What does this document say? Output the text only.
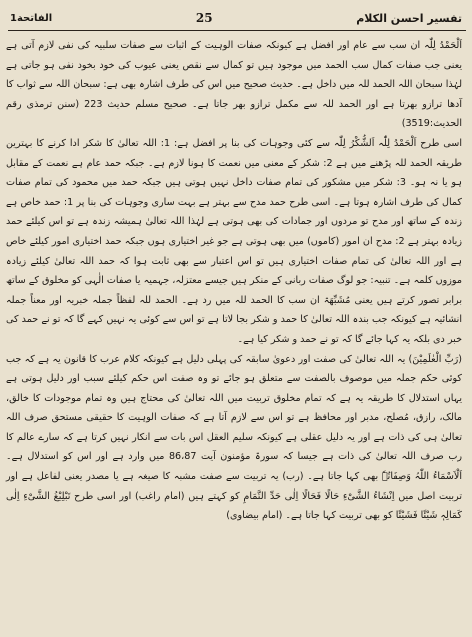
الفاتحة1	25	تفسیر احسن الکلام

اَلْحَمْدُ لِلّٰہ ان سب سے عام اور افضل ہے کیونکہ صفات الوہیت کے اثبات سے صفات سلبیہ کی نفی لازم آتی ہے یعنی جب صفات کمال سب الحمد میں موجود ہیں تو کمال سے نقص یعنی عیوب کی خود بخود نفی ہو جاتی ہے لہٰذا سبحان اللہ الحمد للہ میں داخل ہے۔ حدیث صحیح میں اس کی طرف اشارہ بھی ہے: سبحان اللہ سے ثواب کا آدھا ترازو بھرتا ہے اور الحمد للہ سے مکمل ترازو بھر جاتا ہے۔ صحیح مسلم حدیث 223 (سنن ترمذی رقم الحدیث:3519)

اسی طرح اَلْحَمْدُ لِلّٰہ اَلشُّکْرُ لِلّٰہ سے کئی وجوہات کی بنا پر افضل ہے: 1: اللہ تعالیٰ کا شکر ادا کرنے کا بہترین طریقہ الحمد للہ پڑھنے میں ہے 2: شکر کے معنی میں نعمت کا ہونا لازم ہے۔ جبکہ حمد عام ہے نعمت کے مقابل ہو یا نہ ہو۔ 3: شکر میں مشکور کی تمام صفات داخل نہیں ہوتی ہیں جبکہ حمد میں محمود کی تمام صفات کمال کی طرف اشارہ ہوتا ہے۔ اسی طرح حمد مدح سے بہتر ہے بہت ساری وجوہات کی بنا پر 1: حمد خاص ہے زندہ کے ساتھ اور مدح تو مردوں اور جمادات کی بھی ہوتی ہے لہٰذا اللہ تعالیٰ ہمیشہ زندہ ہے تو اس کیلئے حمد زیادہ بہتر ہے 2: مدح ان امور (کاموں) میں بھی ہوتی ہے جو غیر اختیاری ہوں جبکہ حمد اختیاری امور کیلئے خاص ہے اور اللہ تعالیٰ کی تمام صفات اختیاری ہیں تو اس اعتبار سے بھی ثابت ہوا کہ حمد اللہ تعالیٰ کیلئے زیادہ موزوں کلمہ ہے۔ تنبیہ: جو لوگ صفات ربانی کے منکر ہیں جیسے معتزلہ، جہمیہ یا صفات الٰہی کو مخلوق کے ساتھ برابر تصور کرتے ہیں یعنی مُشَبِّھَۃ ان سب کا الحمد للہ میں رد ہے۔ الحمد للہ لفظاً جملہ خبریہ اور معناً جملہ انشائیہ ہے کیونکہ جب بندہ اللہ تعالیٰ کا حمد و شکر بجا لاتا ہے تو اس سے کوئی یہ نہیں کہے گا کہ تو نے حمد کی خبر دی بلکہ یہ کہا جائے گا کہ تو نے حمد و شکر کیا ہے۔

(رَبِّ الْعٰلَمِیْنَ) یہ اللہ تعالیٰ کی صفت اور دعویٰ سابقہ کی پہلی دلیل ہے کیونکہ کلام عرب کا قانون یہ ہے کہ جب کوئی حکم جملہ میں موصوف بالصفت سے متعلق ہو جائے تو وہ صفت اس حکم کیلئے سبب اور دلیل ہوتی ہے یہاں استدلال کا طریقہ یہ ہے کہ تمام مخلوق تربیت میں اللہ تعالیٰ کی محتاج ہیں وہ تمام موجودات کا خالق، مالک، رازق، مُصلح، مدبر اور محافظ ہے تو اس سے لازم آتا ہے کہ صفات الوہیت کا حقیقی مستحق صرف اللہ تعالیٰ ہی کی ذات ہے اور یہ دلیل عقلی ہے کیونکہ سلیم العقل اس بات سے انکار نہیں کرتا ہے کہ سارے عالم کا رب صرف اللہ تعالیٰ کی ذات ہے جیسا کہ سورۃ مؤمنون آیت 86،87 میں وارد ہے اور اس کو استدلال ہے۔ اَلْاَسْمَاءُ اللّٰہُ وَصِفَاتُہٗ بھی کہا جاتا ہے۔ (رب) یہ تربیت سے صفت مشبہ کا صیغہ ہے یا مصدر یعنی لفاعل ہے اور تربیت اصل میں اِنْشَاءُ الشَّیْءِ حَالًا فَحَالًا اِلٰی حَدِّ التَّمَامِ کو کہتے ہیں (امام راغب) اور اسی طرح تَبْلِیْغُ الشَّیْءِ اِلٰی کَمَالِہٖ شَیْئًا فَشَیْئًا کو بھی تربیت کہا جاتا ہے۔ (امام بیضاوی)
